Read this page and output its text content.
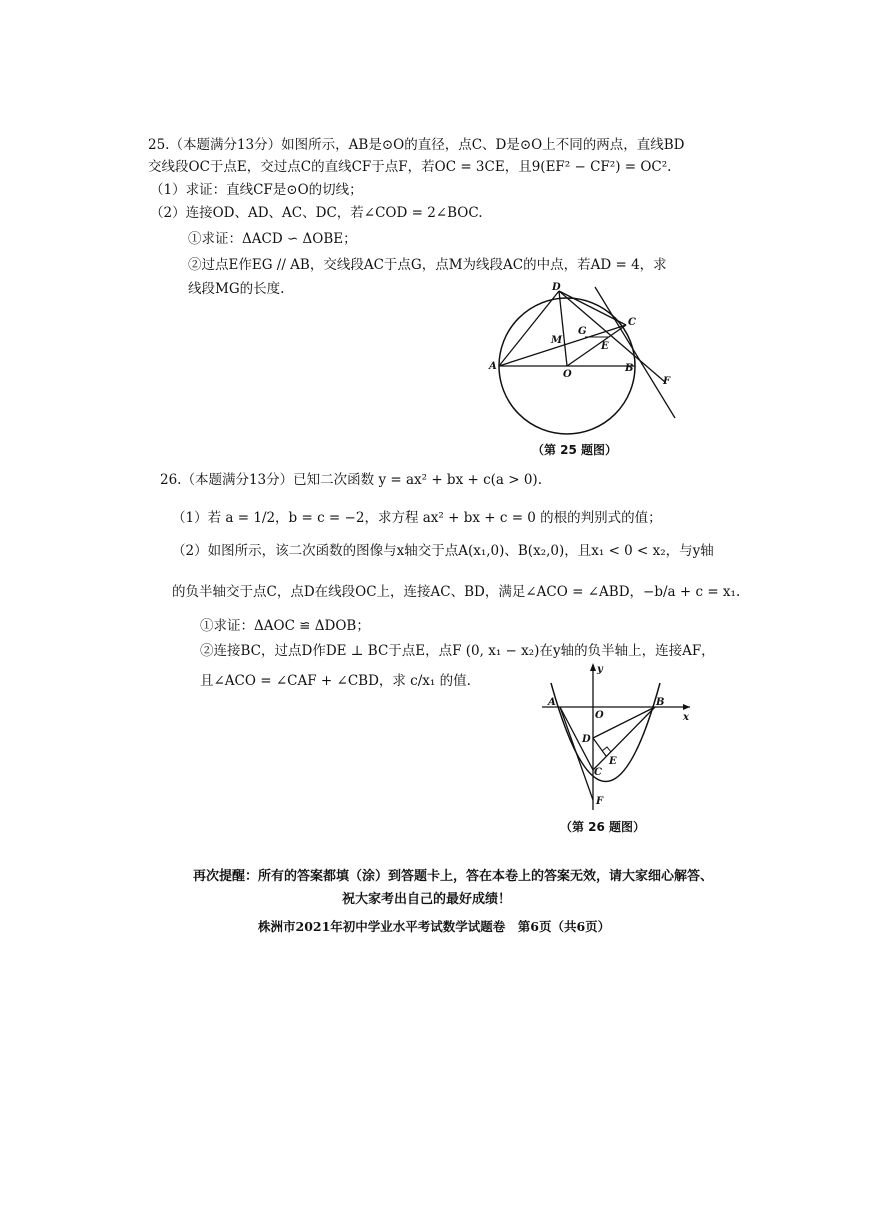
25.（本题满分13分）如图所示，AB是⊙O的直径，点C、D是⊙O上不同的两点，直线BD
交线段OC于点E，交过点C的直线CF于点F，若OC = 3CE，且9(EF² − CF²) = OC².
（1）求证：直线CF是⊙O的切线；
（2）连接OD、AD、AC、DC，若∠COD = 2∠BOC.
①求证：ΔACD ∽ ΔOBE；
②过点E作EG // AB，交线段AC于点G，点M为线段AC的中点，若AD = 4，求
线段MG的长度.	D
C
G
E
M
A
O
B
F
（第 25 题图）
26.（本题满分13分）已知二次函数 y = ax² + bx + c(a > 0).
（1）若 a = 1/2，b = c = −2，求方程 ax² + bx + c = 0 的根的判别式的值；
（2）如图所示，该二次函数的图像与x轴交于点A(x₁,0)、B(x₂,0)，且x₁ < 0 < x₂，与y轴
的负半轴交于点C，点D在线段OC上，连接AC、BD，满足∠ACO = ∠ABD，−b/a + c = x₁.
①求证：ΔAOC ≌ ΔDOB；
②连接BC，过点D作DE ⊥ BC于点E，点F (0, x₁ − x₂)在y轴的负半轴上，连接AF，
且∠ACO = ∠CAF + ∠CBD，求 c/x₁ 的值.
y
A
O
B
x
D
E
C
F
（第 26 题图）
再次提醒：所有的答案都填（涂）到答题卡上，答在本卷上的答案无效，请大家细心解答、
祝大家考出自己的最好成绩！
株洲市2021年初中学业水平考试数学试题卷　第6页（共6页）
